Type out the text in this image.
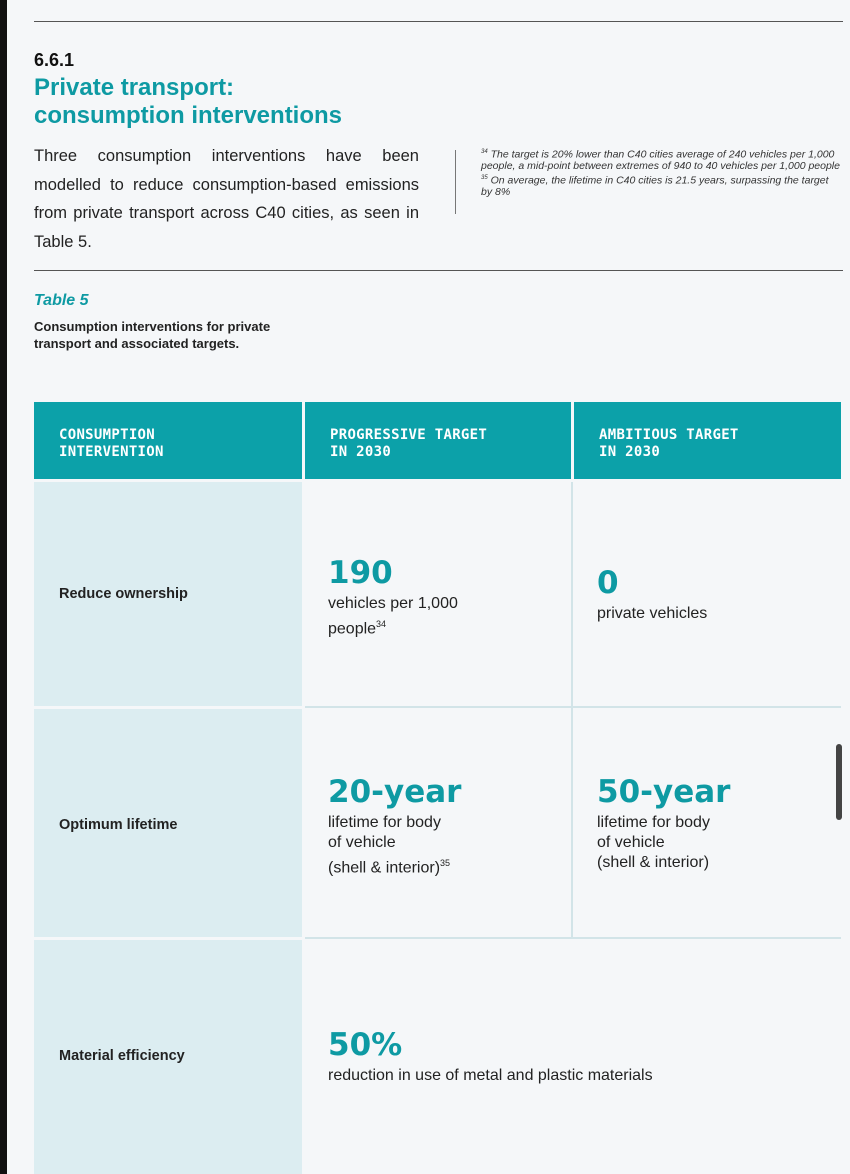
6.6.1
Private transport:
consumption interventions
Three consumption interventions have been modelled to reduce consumption-based emissions from private transport across C40 cities, as seen in Table 5.
$^{34}$ The target is 20% lower than C40 cities average of 240 vehicles per 1,000 people, a mid-point between extremes of 940 to 40 vehicles per 1,000 people
$^{35}$ On average, the lifetime in C40 cities is 21.5 years, surpassing the target by 8%
Table 5
Consumption interventions for private transport and associated targets.
CONSUMPTION
INTERVENTION
PROGRESSIVE TARGET
IN 2030
AMBITIOUS TARGET
IN 2030
Reduce ownership
190
vehicles per 1,000 people$^{34}$
0
private vehicles
Optimum lifetime
20-year
lifetime for body
of vehicle
(shell & interior)$^{35}$
50-year
lifetime for body
of vehicle
(shell & interior)
Material efficiency	50%
reduction in use of metal and plastic materials
